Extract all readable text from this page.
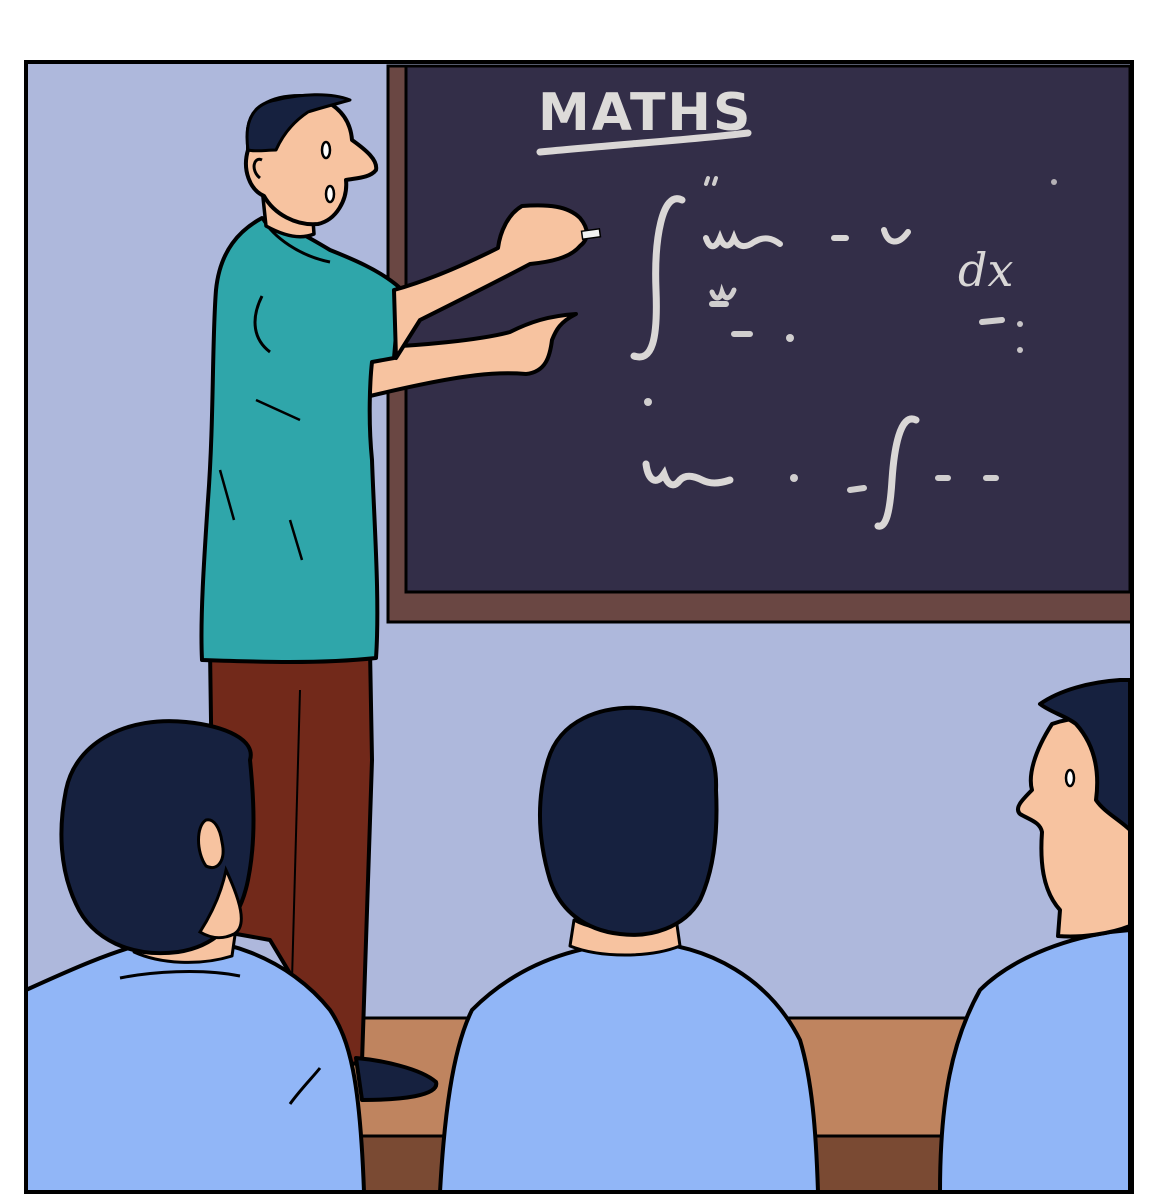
MATHS
dx
